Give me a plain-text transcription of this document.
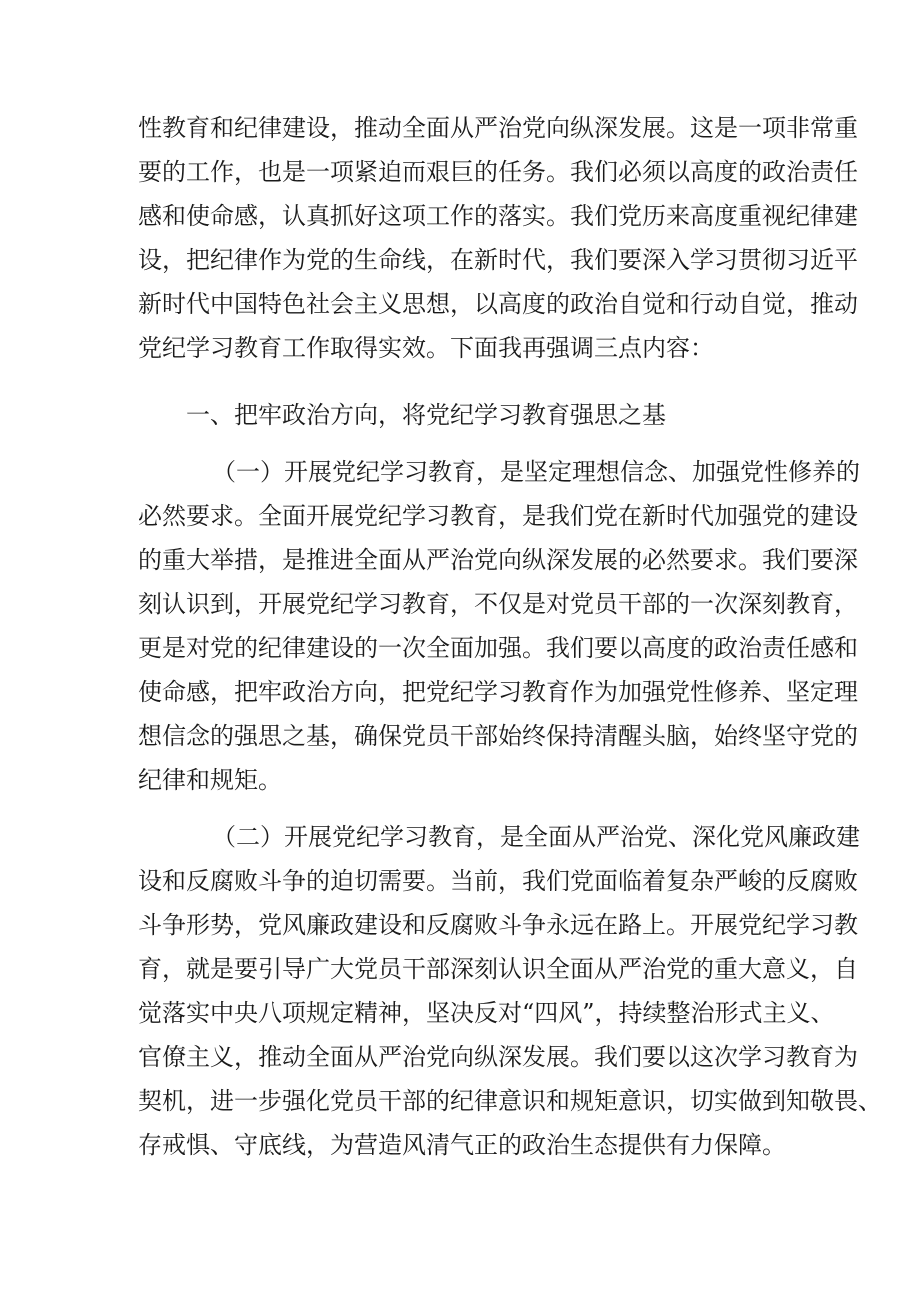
性教育和纪律建设，推动全面从严治党向纵深发展。这是一项非常重
要的工作，也是一项紧迫而艰巨的任务。我们必须以高度的政治责任
感和使命感，认真抓好这项工作的落实。我们党历来高度重视纪律建
设，把纪律作为党的生命线，在新时代，我们要深入学习贯彻习近平
新时代中国特色社会主义思想，以高度的政治自觉和行动自觉，推动
党纪学习教育工作取得实效。下面我再强调三点内容：
一、把牢政治方向，将党纪学习教育强思之基
（一）开展党纪学习教育，是坚定理想信念、加强党性修养的
必然要求。全面开展党纪学习教育，是我们党在新时代加强党的建设
的重大举措，是推进全面从严治党向纵深发展的必然要求。我们要深
刻认识到，开展党纪学习教育，不仅是对党员干部的一次深刻教育，
更是对党的纪律建设的一次全面加强。我们要以高度的政治责任感和
使命感，把牢政治方向，把党纪学习教育作为加强党性修养、坚定理
想信念的强思之基，确保党员干部始终保持清醒头脑，始终坚守党的
纪律和规矩。
（二）开展党纪学习教育，是全面从严治党、深化党风廉政建
设和反腐败斗争的迫切需要。当前，我们党面临着复杂严峻的反腐败
斗争形势，党风廉政建设和反腐败斗争永远在路上。开展党纪学习教
育，就是要引导广大党员干部深刻认识全面从严治党的重大意义，自
觉落实中央八项规定精神，坚决反对“四风”，持续整治形式主义、
官僚主义，推动全面从严治党向纵深发展。我们要以这次学习教育为
契机，进一步强化党员干部的纪律意识和规矩意识，切实做到知敬畏、
存戒惧、守底线，为营造风清气正的政治生态提供有力保障。
